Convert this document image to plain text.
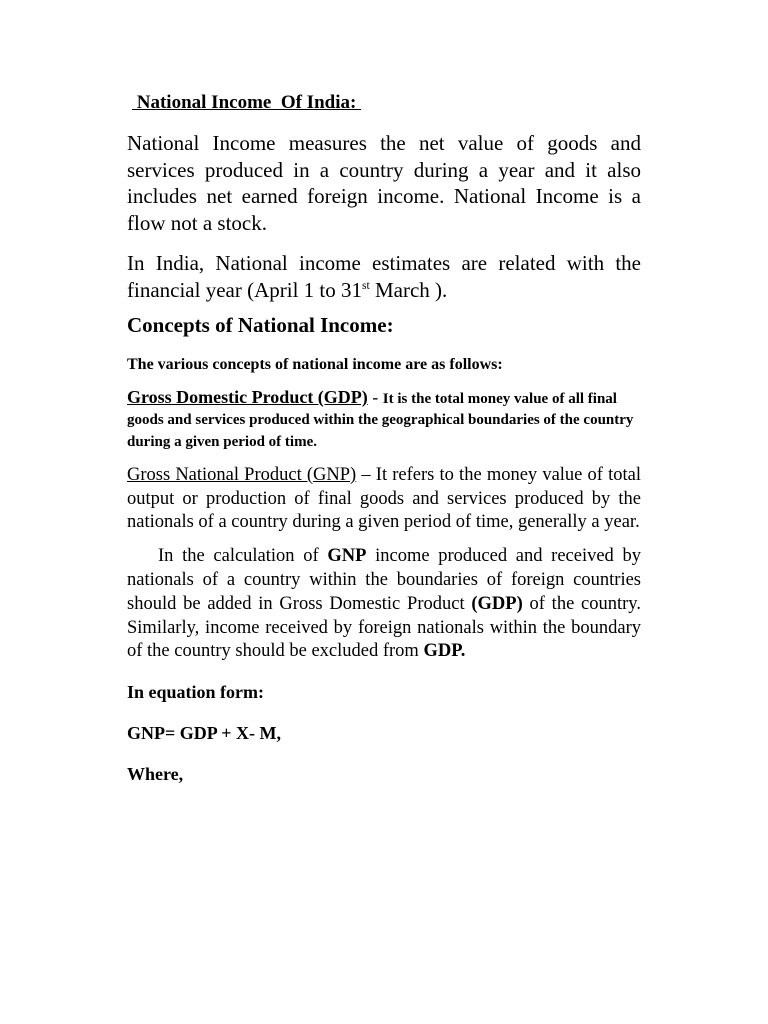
National Income  Of India:

National Income measures the net value of goods and services produced in a country during a year and it also includes net earned foreign income. National Income is a flow not a stock.

In India, National income estimates are related with the financial year (April 1 to 31st March ).

Concepts of National Income:
The various concepts of national income are as follows:

Gross Domestic Product (GDP) - It is the total money value of all final goods and services produced within the geographical boundaries of the country during a given period of time.

Gross National Product (GNP) – It refers to the money value of total output or production of final goods and services produced by the nationals of a country during a given period of time, generally a year.

In the calculation of GNP income produced and received by nationals of a country within the boundaries of foreign countries should be added in Gross Domestic Product (GDP) of the country. Similarly, income received by foreign nationals within the boundary of the country should be excluded from GDP.

In equation form:
GNP= GDP + X- M,
Where,
